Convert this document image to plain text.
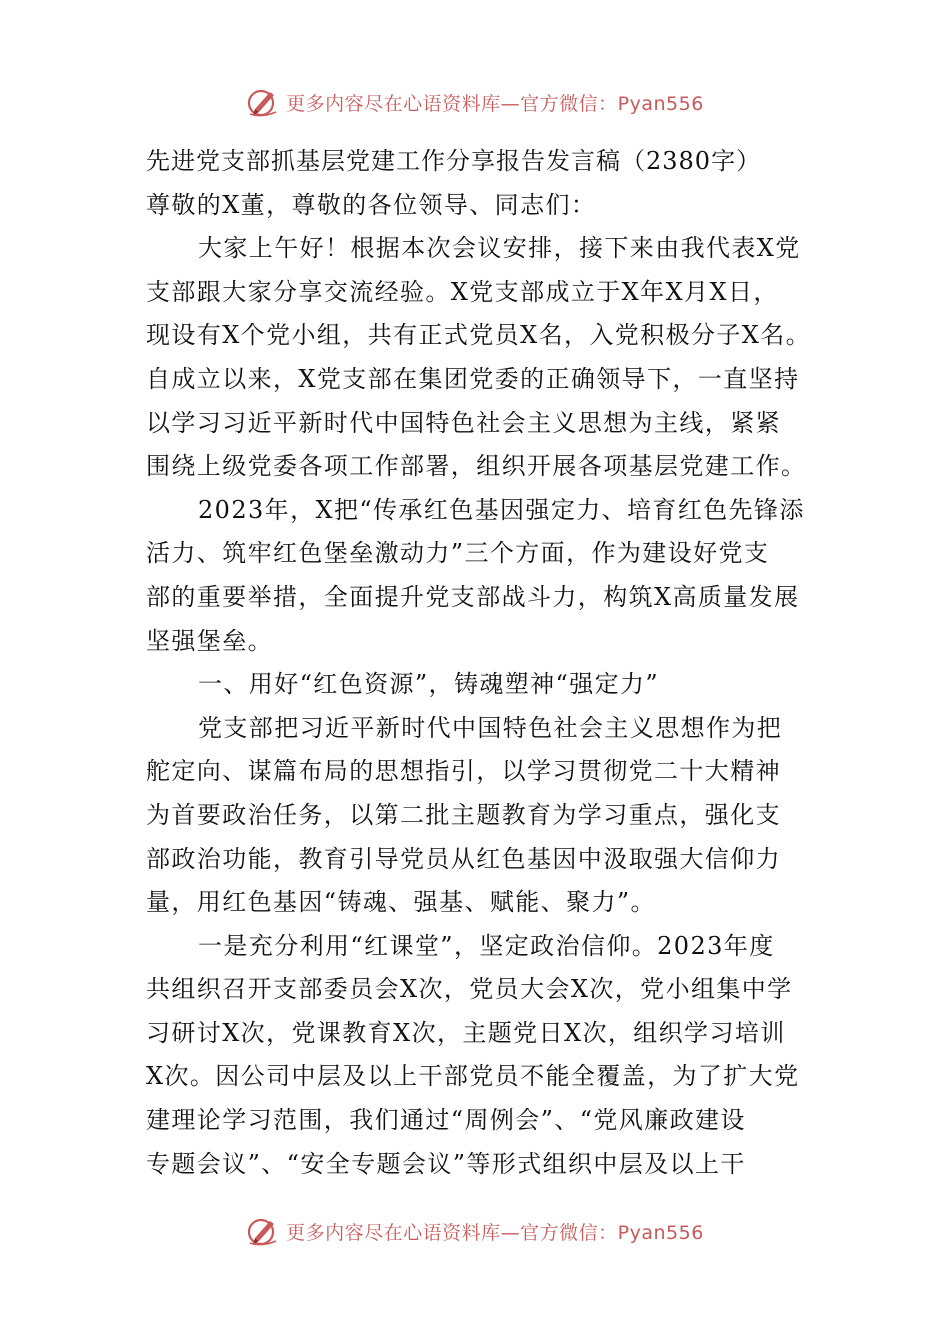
更多内容尽在心语资料库—官方微信：Pyan556
先进党支部抓基层党建工作分享报告发言稿（2380字）
尊敬的X董，尊敬的各位领导、同志们：
大家上午好！根据本次会议安排，接下来由我代表X党
支部跟大家分享交流经验。X党支部成立于X年X月X日，
现设有X个党小组，共有正式党员X名，入党积极分子X名。
自成立以来，X党支部在集团党委的正确领导下，一直坚持
以学习习近平新时代中国特色社会主义思想为主线，紧紧
围绕上级党委各项工作部署，组织开展各项基层党建工作。
2023年，X把“传承红色基因强定力、培育红色先锋添
活力、筑牢红色堡垒激动力”三个方面，作为建设好党支
部的重要举措，全面提升党支部战斗力，构筑X高质量发展
坚强堡垒。
一、用好“红色资源”，铸魂塑神“强定力”
党支部把习近平新时代中国特色社会主义思想作为把
舵定向、谋篇布局的思想指引，以学习贯彻党二十大精神
为首要政治任务，以第二批主题教育为学习重点，强化支
部政治功能，教育引导党员从红色基因中汲取强大信仰力
量，用红色基因“铸魂、强基、赋能、聚力”。
一是充分利用“红课堂”，坚定政治信仰。2023年度
共组织召开支部委员会X次，党员大会X次，党小组集中学
习研讨X次，党课教育X次，主题党日X次，组织学习培训
X次。因公司中层及以上干部党员不能全覆盖，为了扩大党
建理论学习范围，我们通过“周例会”、“党风廉政建设
专题会议”、“安全专题会议”等形式组织中层及以上干
更多内容尽在心语资料库—官方微信：Pyan556
